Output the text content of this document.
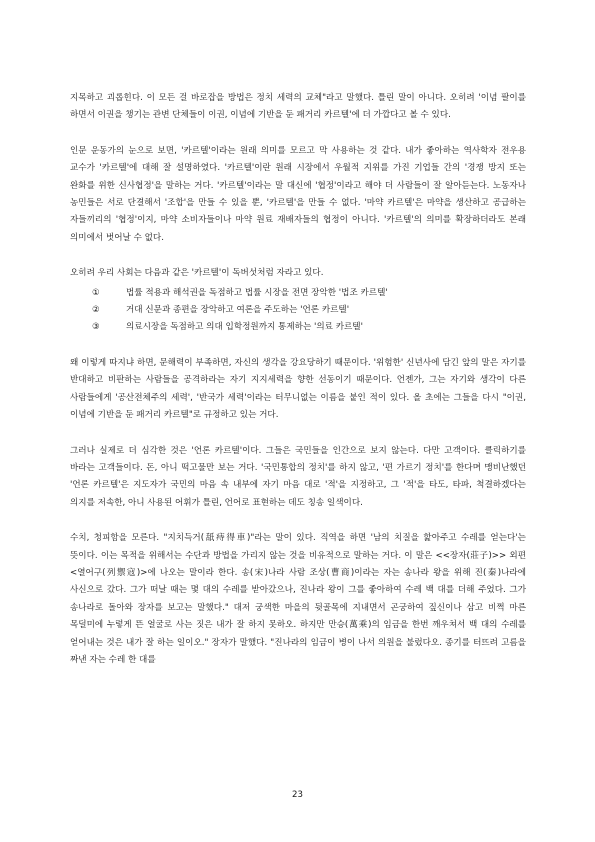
지목하고 괴롭힌다. 이 모든 걸 바로잡을 방법은 정치 세력의 교체"라고 말했다. 틀린 말이 아니다. 오히려 '이념 팔이를 하면서 이권을 챙기는 관변 단체들이 이권, 이념에 기반을 둔 패거리 카르텔'에 더 가깝다고 볼 수 있다.

인문 운동가의 눈으로 보면, '카르텔'이라는 원래 의미를 모르고 막 사용하는 것 같다. 내가 좋아하는 역사학자 전우용 교수가 '카르텔'에 대해 잘 설명하였다. '카르텔'이란 원래 시장에서 우월적 지위를 가진 기업들 간의 '경쟁 방지 또는 완화를 위한 신사협정'을 말하는 거다. '카르텔'이라는 말 대신에 '협정'이라고 해야 더 사람들이 잘 알아듣는다. 노동자나 농민들은 서로 단결해서 '조합'을 만들 수 있을 뿐, '카르텔'을 만들 수 없다. '마약 카르텔'은 마약을 생산하고 공급하는 자들끼리의 '협정'이지, 마약 소비자들이나 마약 원료 재배자들의 협정이 아니다. '카르텔'의 의미를 확장하더라도 본래 의미에서 벗어날 수 없다.

오히려 우리 사회는 다음과 같은 '카르텔'이 독버섯처럼 자라고 있다.

①	법률 적용과 해석권을 독점하고 법률 시장을 전면 장악한 '법조 카르텔'
②	거대 신문과 종편을 장악하고 여론을 주도하는 '언론 카르텔'
③	의료시장을 독점하고 의대 입학정원까지 통제하는 '의료 카르텔'

왜 이렇게 따지냐 하면, 문해력이 부족하면, 자신의 생각을 강요당하기 때문이다. '위험한' 신년사에 담긴 앞의 말은 자기를 반대하고 비판하는 사람들을 공격하라는 자기 지지세력을 향한 선동이기 때문이다. 언젠가, 그는 자기와 생각이 다른 사람들에게 '공산전체주의 세력', '반국가 세력'이라는 터무니없는 이름을 붙인 적이 있다. 올 초에는 그들을 다시 "이권, 이념에 기반을 둔 패거리 카르텔"로 규정하고 있는 거다.

그러나 실제로 더 심각한 것은 '언론 카르텔'이다. 그들은 국민들을 인간으로 보지 않는다. 다만 고객이다. 클릭하기를 바라는 고객들이다. 돈, 아니 떡고물만 보는 거다. '국민통합의 정치'를 하지 않고, '편 가르기 정치'를 한다며 맹비난했던 '언론 카르텔'은 지도자가 국민의 마음 속 내부에 자기 마음 대로 '적'을 지정하고, 그 '적'을 타도, 타파, 척결하겠다는 의지를 저속한, 아니 사용된 어휘가 틀린, 언어로 표현하는 데도 칭송 일색이다.

수치, 청피함을 모른다. "지치득거(舐痔得車)"라는 말이 있다. 직역을 하면 '남의 치질을 핥아주고 수레를 얻는다'는 뜻이다. 이는 목적을 위해서는 수단과 방법을 가리지 않는 것을 비유적으로 말하는 거다. 이 말은 <<장자(莊子)>> 외편 <열어구(列禦寇)>에 나오는 말이라 한다. 송(宋)나라 사람 조상(曹商)이라는 자는 송나라 왕을 위해 진(秦)나라에 사신으로 갔다. 그가 떠날 때는 몇 대의 수레를 받아갔으나, 진나라 왕이 그를 좋아하여 수레 백 대를 더해 주었다. 그가 송나라로 돌아와 장자를 보고는 말했다." 대저 궁색한 마을의 뒷골목에 지내면서 곤궁하여 짚신이나 삼고 비쩍 마른 목덜미에 누렇게 뜬 얼굴로 사는 짓은 내가 잘 하지 못하오. 하지만 만승(萬乘)의 임금을 한번 깨우쳐서 백 대의 수레를 얻어내는 것은 내가 잘 하는 일이오." 장자가 말했다. "진나라의 임금이 병이 나서 의원을 불렀다오. 종기를 터뜨려 고름을 짜낸 자는 수레 한 대를

23
